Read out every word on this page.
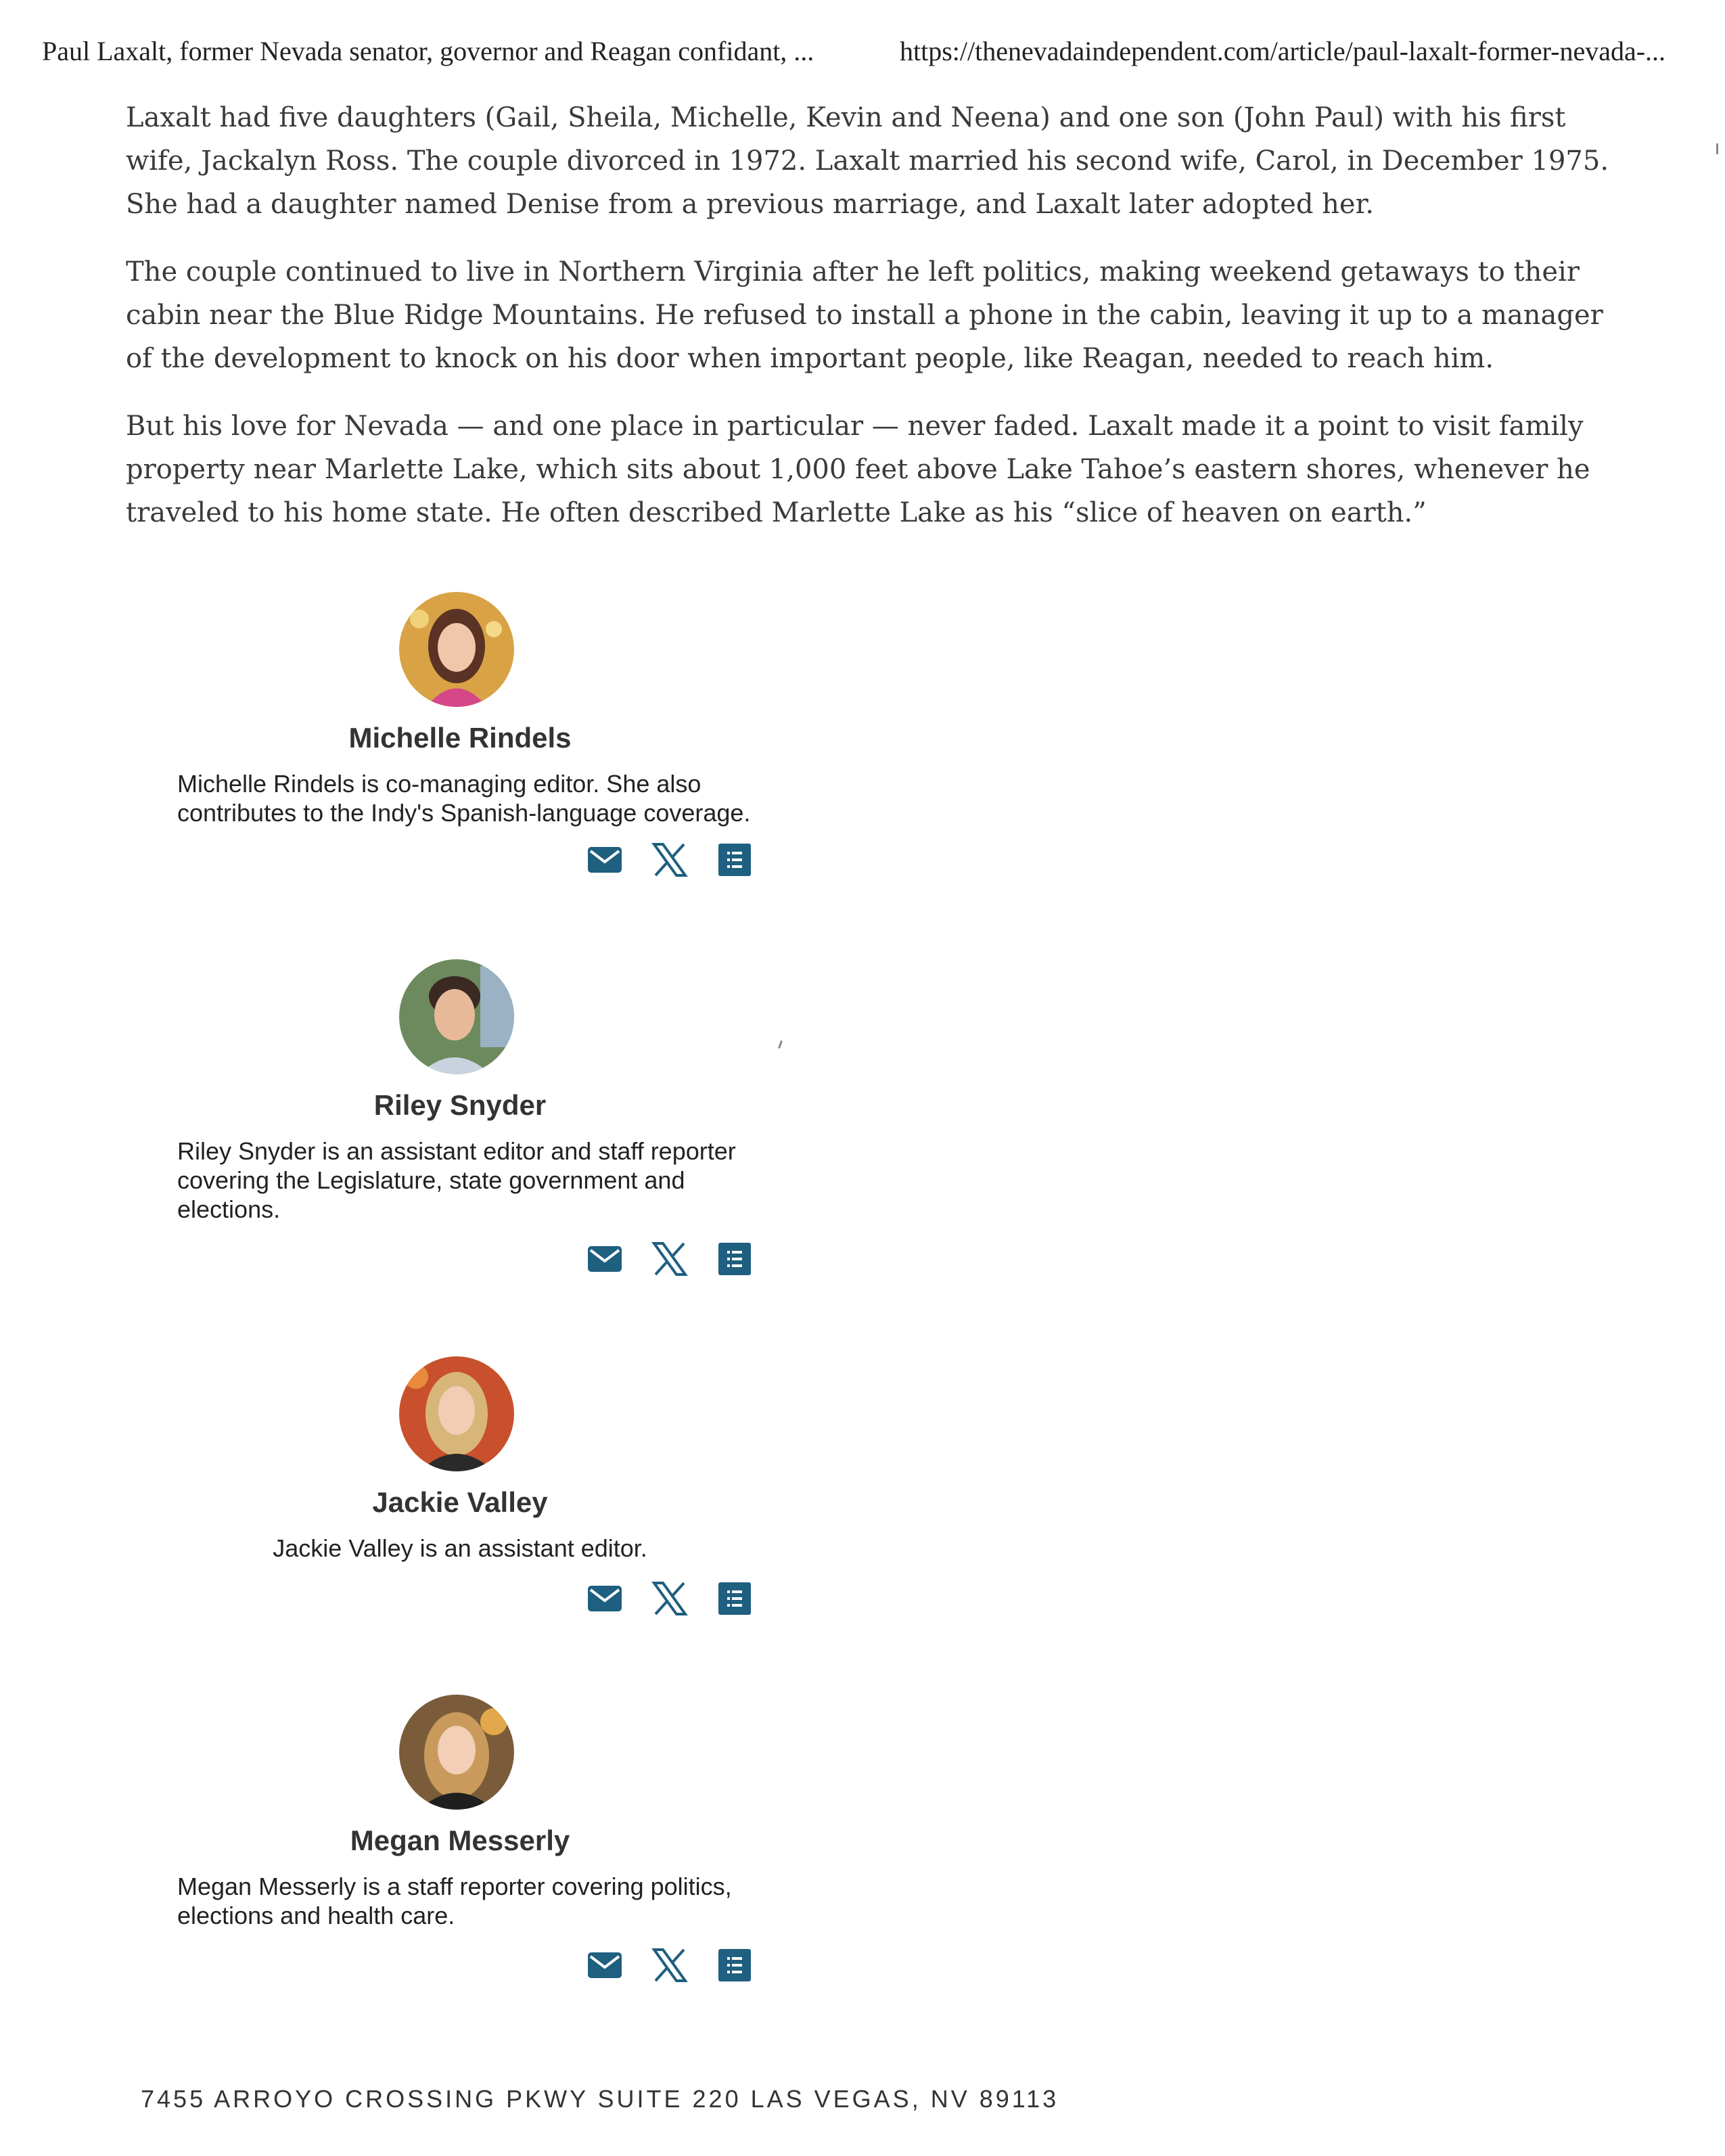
Paul Laxalt, former Nevada senator, governor and Reagan confidant, ...	https://thenevadaindependent.com/article/paul-laxalt-former-nevada-...

Laxalt had five daughters (Gail, Sheila, Michelle, Kevin and Neena) and one son (John Paul) with his first wife, Jackalyn Ross. The couple divorced in 1972. Laxalt married his second wife, Carol, in December 1975. She had a daughter named Denise from a previous marriage, and Laxalt later adopted her.

The couple continued to live in Northern Virginia after he left politics, making weekend getaways to their cabin near the Blue Ridge Mountains. He refused to install a phone in the cabin, leaving it up to a manager of the development to knock on his door when important people, like Reagan, needed to reach him.

But his love for Nevada — and one place in particular — never faded. Laxalt made it a point to visit family property near Marlette Lake, which sits about 1,000 feet above Lake Tahoe’s eastern shores, whenever he traveled to his home state. He often described Marlette Lake as his “slice of heaven on earth.”

Michelle Rindels
Michelle Rindels is co-managing editor. She also contributes to the Indy's Spanish-language coverage.
Riley Snyder
Riley Snyder is an assistant editor and staff reporter covering the Legislature, state government and elections.
Jackie Valley
Jackie Valley is an assistant editor.
Megan Messerly
Megan Messerly is a staff reporter covering politics, elections and health care.
7455 ARROYO CROSSING PKWY SUITE 220 LAS VEGAS, NV 89113
